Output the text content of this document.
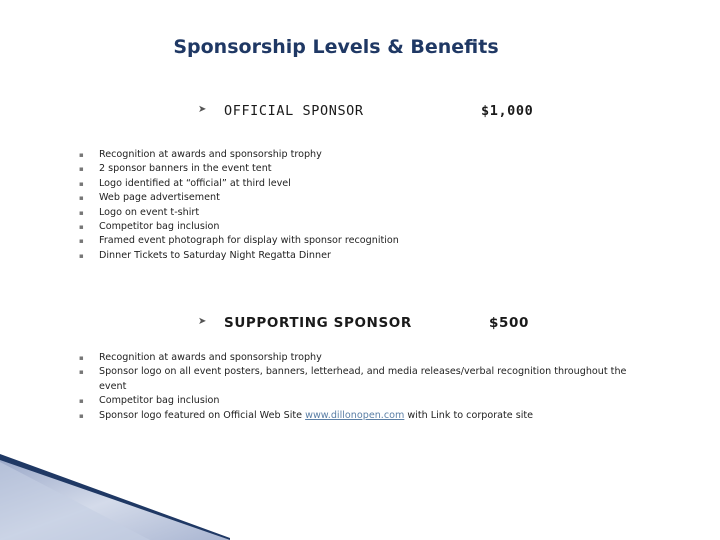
Sponsorship Levels & Benefits
➤ OFFICIAL SPONSOR	$1,000
▪ Recognition at awards and sponsorship trophy
▪ 2 sponsor banners in the event tent
▪ Logo identified at “official” at third level
▪ Web page advertisement
▪ Logo on event t-shirt
▪ Competitor bag inclusion
▪ Framed event photograph for display with sponsor recognition
▪ Dinner Tickets to Saturday Night Regatta Dinner
➤ SUPPORTING SPONSOR	$500
▪ Recognition at awards and sponsorship trophy
▪ Sponsor logo on all event posters, banners, letterhead, and media releases/verbal recognition throughout the event
▪ Competitor bag inclusion
▪ Sponsor logo featured on Official Web Site www.dillonopen.com with Link to corporate site
